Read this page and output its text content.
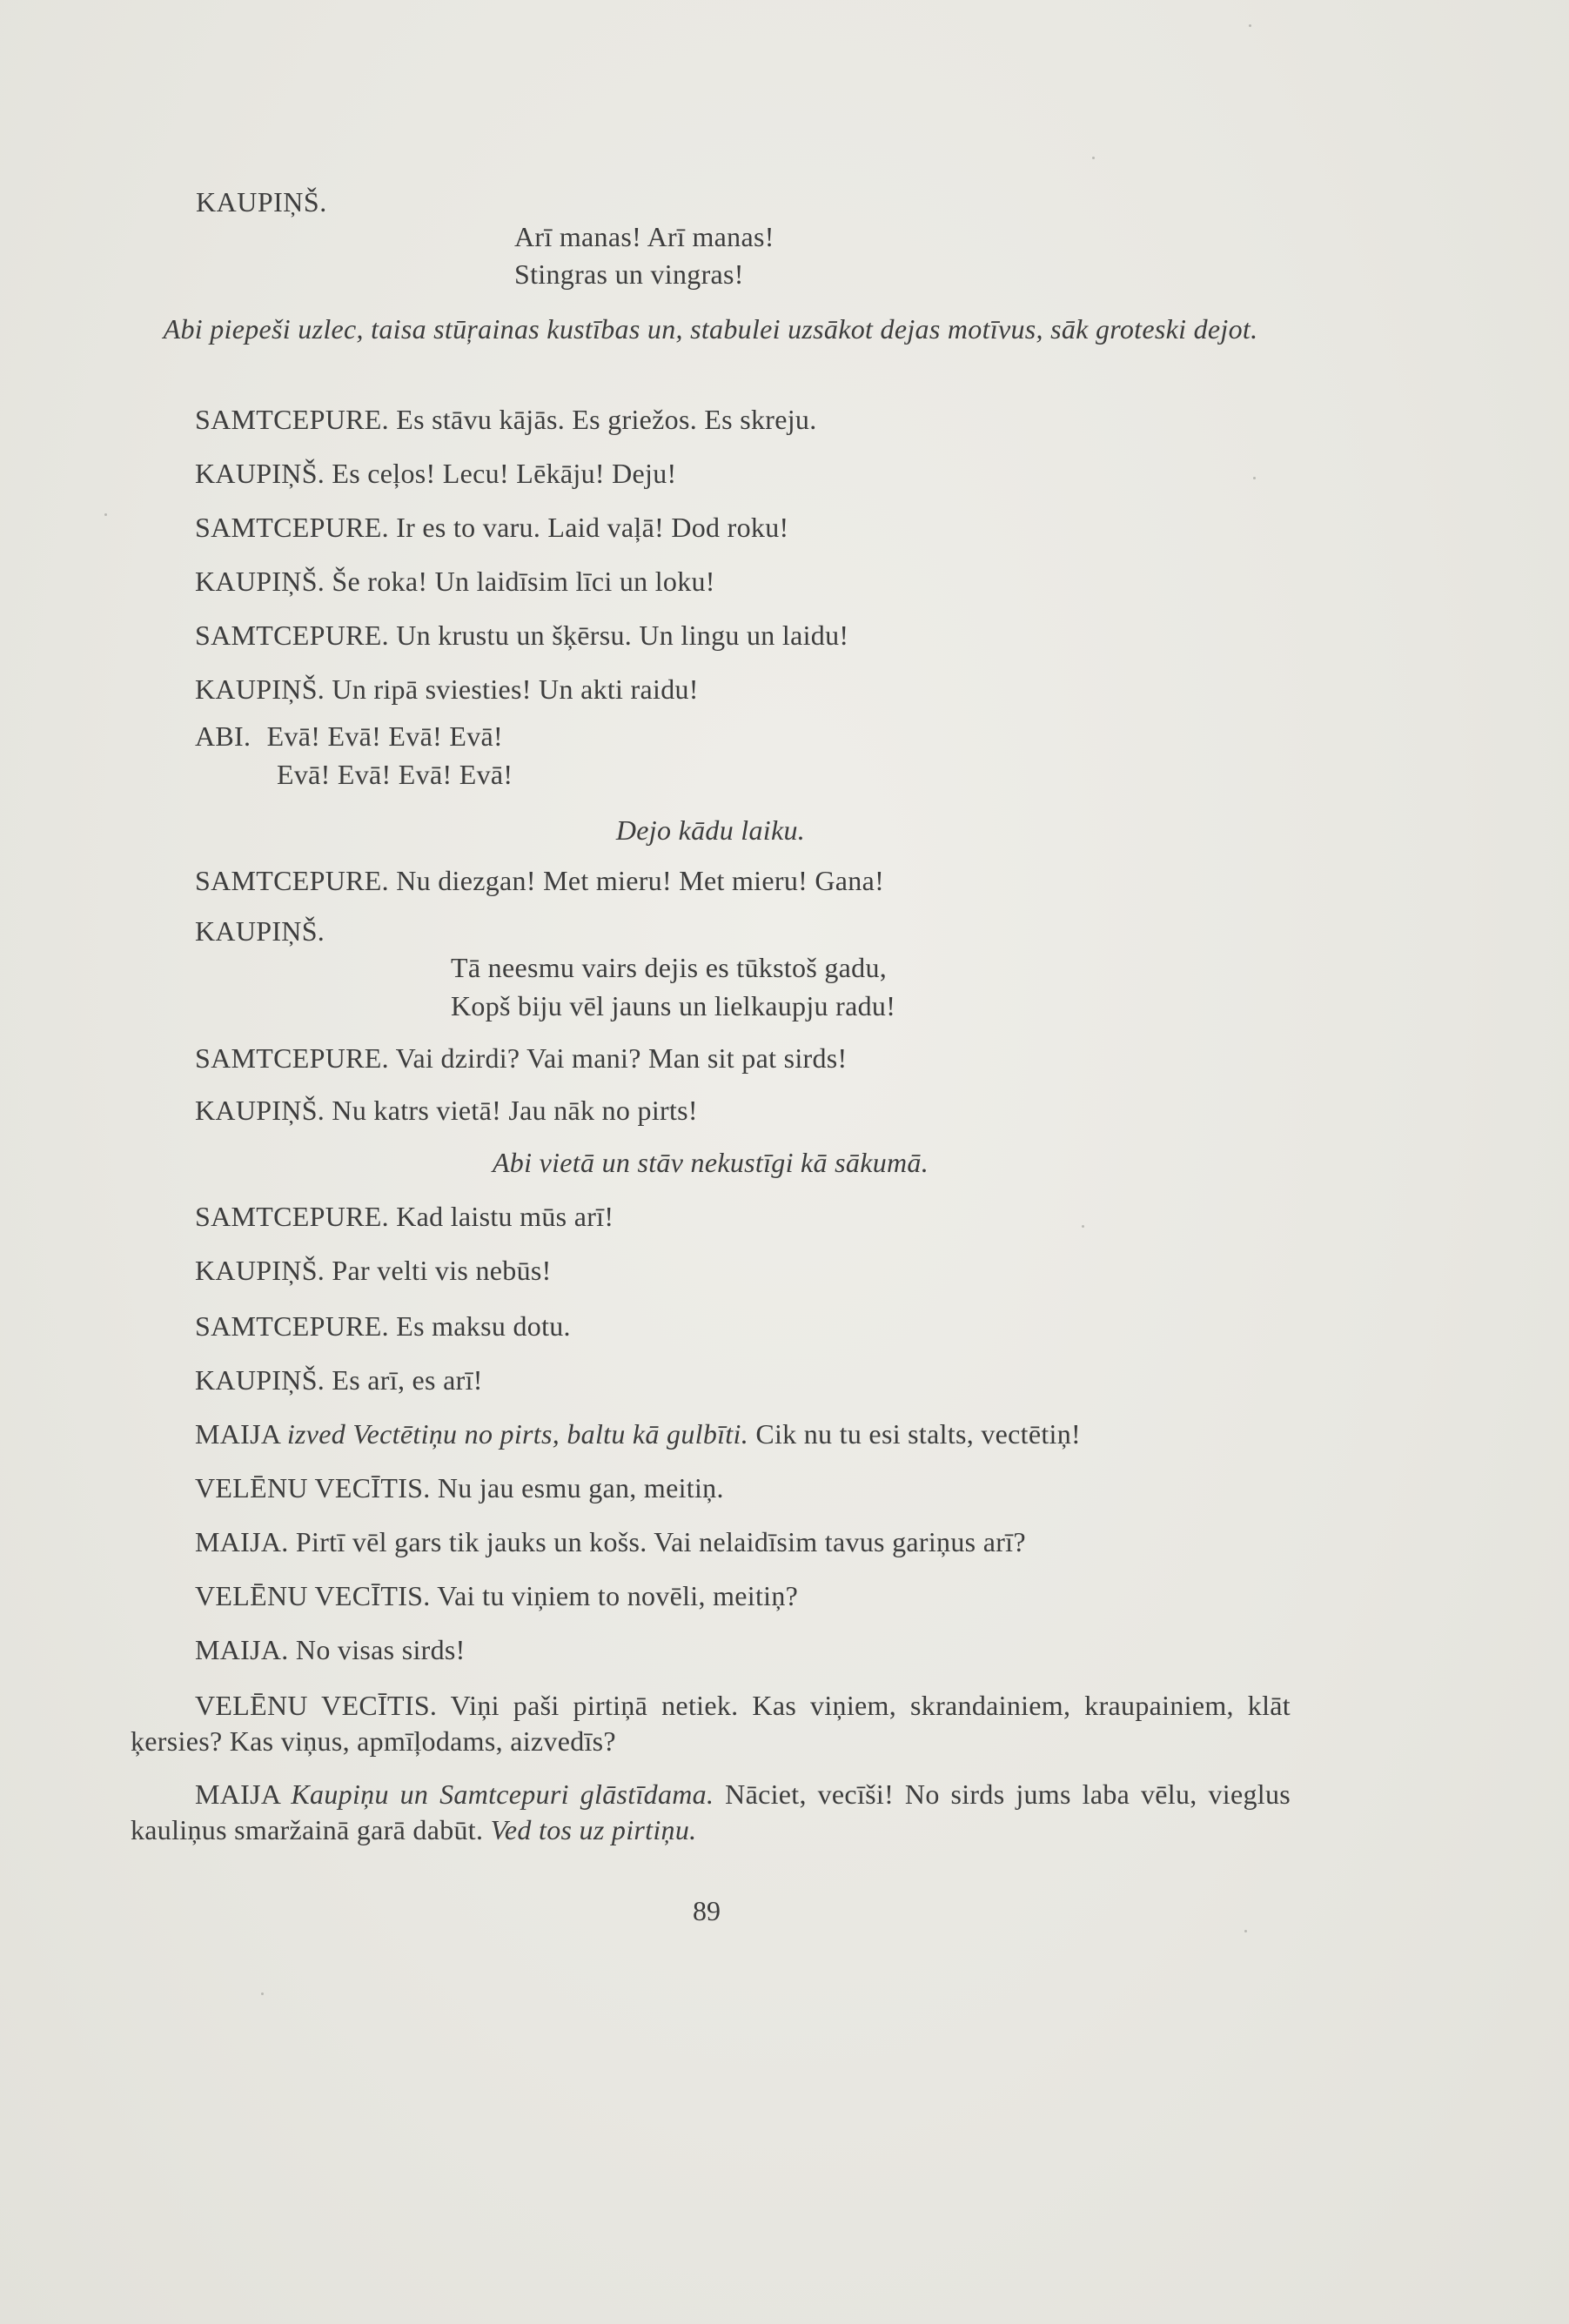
KAUPIŅŠ.
Arī manas! Arī manas!
Stingras un vingras!
Abi piepeši uzlec, taisa stūŗainas kustības un, stabulei uzsākot dejas motīvus, sāk groteski dejot.
SAMTCEPURE. Es stāvu kājās. Es griežos. Es skreju.
KAUPIŅŠ. Es ceļos! Lecu! Lēkāju! Deju!
SAMTCEPURE. Ir es to varu. Laid vaļā! Dod roku!
KAUPIŅŠ. Še roka! Un laidīsim līci un loku!
SAMTCEPURE. Un krustu un šķērsu. Un lingu un laidu!
KAUPIŅŠ. Un ripā sviesties! Un akti raidu!
ABI. Evā! Evā! Evā! Evā!
Evā! Evā! Evā! Evā!
Dejo kādu laiku.
SAMTCEPURE. Nu diezgan! Met mieru! Met mieru! Gana!
KAUPIŅŠ.
Tā neesmu vairs dejis es tūkstoš gadu,
Kopš biju vēl jauns un lielkaupju radu!
SAMTCEPURE. Vai dzirdi? Vai mani? Man sit pat sirds!
KAUPIŅŠ. Nu katrs vietā! Jau nāk no pirts!
Abi vietā un stāv nekustīgi kā sākumā.
SAMTCEPURE. Kad laistu mūs arī!
KAUPIŅŠ. Par velti vis nebūs!
SAMTCEPURE. Es maksu dotu.
KAUPIŅŠ. Es arī, es arī!
MAIJA izved Vectētiņu no pirts, baltu kā gulbīti. Cik nu tu esi stalts, vectētiņ!
VELĒNU VECĪTIS. Nu jau esmu gan, meitiņ.
MAIJA. Pirtī vēl gars tik jauks un košs. Vai nelaidīsim tavus gariņus arī?
VELĒNU VECĪTIS. Vai tu viņiem to novēli, meitiņ?
MAIJA. No visas sirds!
VELĒNU VECĪTIS. Viņi paši pirtiņā netiek. Kas viņiem, skrandainiem, kraupainiem, klāt ķersies? Kas viņus, apmīļodams, aizvedīs?
MAIJA Kaupiņu un Samtcepuri glāstīdama. Nāciet, vecīši! No sirds jums laba vēlu, vieglus kauliņus smaržainā garā dabūt. Ved tos uz pirtiņu.
89
